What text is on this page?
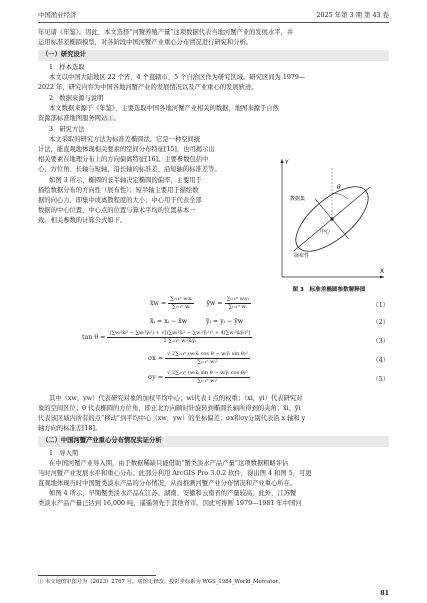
中国渔业经济	2025 年第 3 期 第 43 卷
年见诸《年鉴》。因此，本文选择“河蟹养殖产量”这项数据代表当地河蟹产业的发展水平，并
运用标准差椭圆模型，对各阶段中国河蟹产业重心分布情况进行研究和分析。
（一）研究设计
1．样本选取
本文以中国大陆地区 22 个省、4 个直辖市、5 个自治区作为研究区域。研究区间为 1979—
2022 年，研究内容为中国各地河蟹产业的发展情况以及产业重心的发展轨迹。
2．数据来源与说明
本文数据来源于《年鉴》，主要选取中国各地河蟹产业相关的数据，地图来源于自然
资源部标准地图服务网站①。
3．研究方法
本文采取的研究方法为标准差椭圆法。它是一种空间统
计法，能直观地体现相关要素的空间分布特征[15]，也可揭示出
相关要素在地理分布上的方向偏离特征[16]。主要参数包括中
心、方位角、长轴与短轴、沿长轴的标准差、沿短轴的标准差等。
如图 3 所示，椭圆的长半轴决定椭圆的偏率，主要用于
描绘数据分布的方向性（展布性）；短半轴主要用于描绘数
据的向心力，即集中或离散程度的大小；中心用于代表全部
数据的中心位置，中心点的位置与算术平均的位置基本一
致。相关参数的计算公式如下。
Y
X
θ
数据集
中心
展布性
图 3　标准差椭圆参数解释图
x̄w = $\frac{\text{∑ᵢ₌₁ⁿ wᵢxᵢ}}{\text{∑ᵢ₌₁ⁿ wᵢ}}$ ȳw = $\frac{\text{∑ᵢ₌₁ⁿ wᵢyᵢ}}{\text{∑ᵢ₌₁ⁿ wᵢ}}$	（1）
x̃ᵢ = xᵢ − x̄w　　　ỹᵢ = yᵢ − ȳw	（2）
tan θ =
(∑wᵢ²x̃ᵢ² − ∑wᵢ²ỹᵢ²) + √[(∑wᵢ²x̃ᵢ² − ∑wᵢ²ỹᵢ²)² + 4(∑wᵢ²x̃ᵢỹᵢ)²]
2 ∑ᵢ₌₁ⁿ wᵢ²x̃ᵢỹᵢ	（3）
$\sigma x = \frac{\text{√ 2∑ᵢ₌₁ⁿ (wᵢx̃ᵢ cos θ − wᵢỹᵢ sin θ)²}}{\text{∑ᵢ₌₁ⁿ wᵢ²}}$	（4）
$\sigma y = \frac{\text{√ 2∑ᵢ₌₁ⁿ (wᵢx̃ᵢ sin θ − wᵢỹᵢ cos θ)²}}{\text{∑ᵢ₌₁ⁿ wᵢ²}}$	（5）
其中（xw，yw）代表研究对象的加权平均中心；wi代表 i 点的权重；（xi，yi）代表研究对
象的空间区位；θ 代表椭圆的方位角，即正北方向顺时针旋转到椭圆长轴所得到的夹角；x̃i、ỹi
代表该区域内所有的点“移动”到平均中心（xw，yw）的坐标偏差；σx和σy分别代表沿 x 轴和 y
轴方向的标准差[18]。
（二）中国河蟹产业重心分布情况实证分析
1．导入期
在中国河蟹产业导入期，由于数据稀缺只能借助“蟹类淡水产品产量”这项数据粗略评估
当时河蟹产业发展水平和重心分布。此部分利用 ArcGIS Pro 3.0.2 软件，得出图 4 和图 5，可更
直观地体现当时中国蟹类淡水产品的分布情况，从而推测河蟹产业分布情况和产业重心所在。
如图 4 所示，早期蟹类淡水产品在江苏、湖南、安徽和云南省的产量较高。此外，江苏蟹
类淡水产品产量已达到 16,000 吨，遥遥领先于其他省市。因此可推断 1979—1981 年中国河
① 本文地图审图号为（2023）2767 号。底图无修改；投影坐标系为 WGS_1984_World_Mercator。
81
